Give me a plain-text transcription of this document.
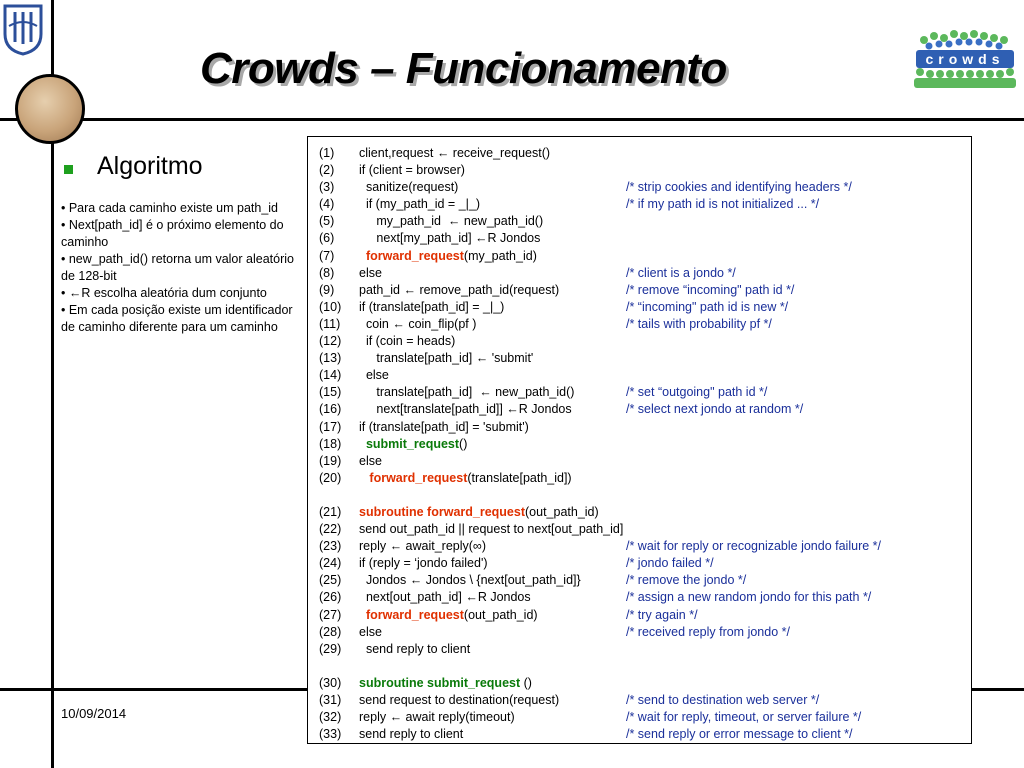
Crowds – Funcionamento	crowds
Algoritmo
• Para cada caminho existe um path_id
• Next[path_id] é o próximo elemento do caminho
• new_path_id() retorna um valor aleatório de 128-bit
• ←R escolha aleatória dum conjunto
• Em cada posição existe um identificador de caminho diferente para um caminho
10/09/2014
(1) client,request ← receive_request()
(2) if (client = browser)
(3)  sanitize(request)	/* strip cookies and identifying headers */
(4)  if (my_path_id = _|_)	/* if my path id is not initialized ... */
(5)     my_path_id  ← new_path_id()
(6)     next[my_path_id] ←R Jondos
(7)	forward_request(my_path_id)
(8) else	/* client is a jondo */
(9) path_id ← remove_path_id(request)	/* remove “incoming" path id */
(10) if (translate[path_id] = _|_)	/* “incoming" path id is new */
(11)  coin ← coin_flip(pf )	/* tails with probability pf */
(12)  if (coin = heads)
(13)     translate[path_id] ← 'submit'
(14)  else
(15)     translate[path_id]  ← new_path_id()	/* set “outgoing" path id */
(16)     next[translate[path_id]] ←R Jondos	/* select next jondo at random */
(17) if (translate[path_id] = 'submit')
(18) submit_request()
(19) else
(20) forward_request(translate[path_id])
(21) subroutine forward_request(out_path_id)
(22) send out_path_id || request to next[out_path_id]
(23) reply ← await_reply(∞)	/* wait for reply or recognizable jondo failure */
(24) if (reply = ‘jondo failed')	/* jondo failed */
(25)  Jondos ← Jondos \ {next[out_path_id]}	/* remove the jondo */
(26)  next[out_path_id] ←R Jondos	/* assign a new random jondo for this path */
(27) forward_request(out_path_id)	/* try again */
(28) else	/* received reply from jondo */
(29)  send reply to client
(30) subroutine submit_request ()
(31) send request to destination(request)	/* send to destination web server */
(32) reply ← await reply(timeout)	/* wait for reply, timeout, or server failure */
(33) send reply to client	/* send reply or error message to client */
